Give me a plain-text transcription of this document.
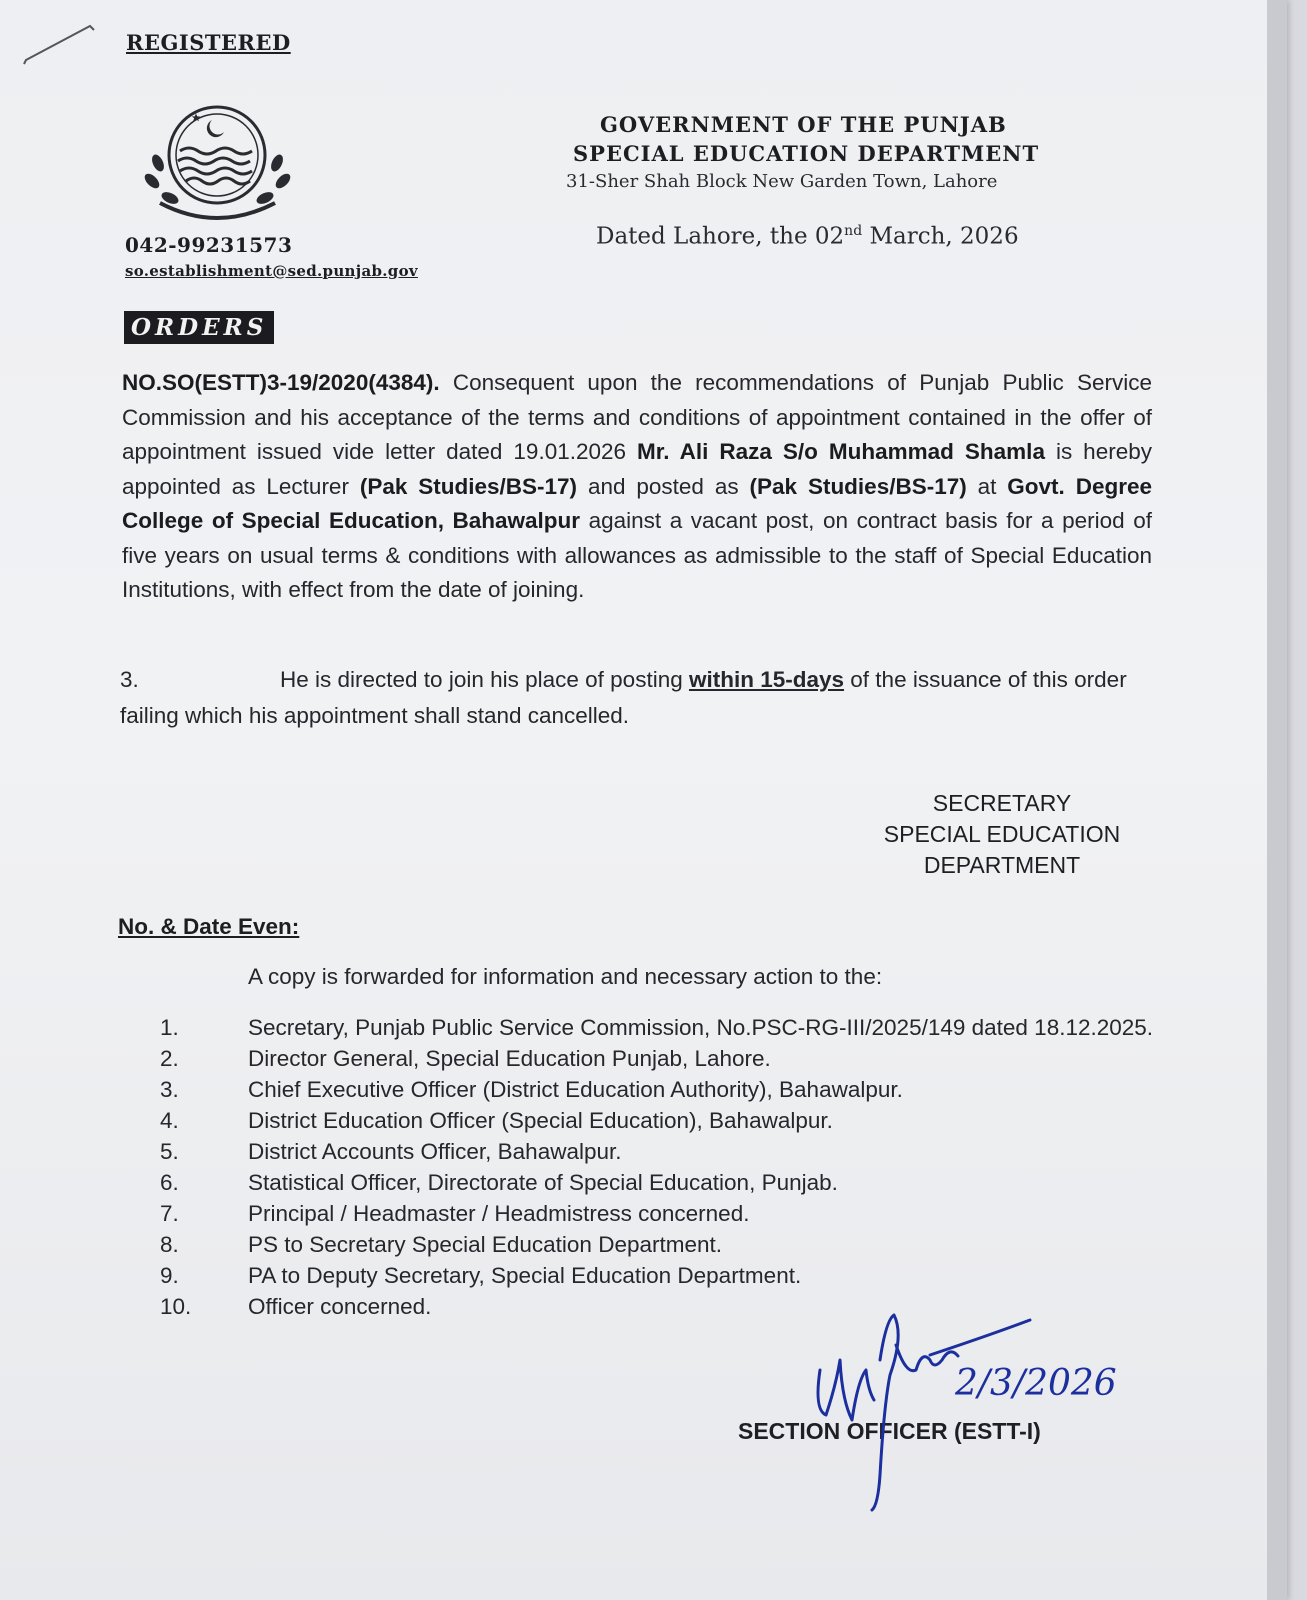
REGISTERED
042-99231573
so.establishment@sed.punjab.gov
GOVERNMENT OF THE PUNJAB
SPECIAL EDUCATION DEPARTMENT
31-Sher Shah Block New Garden Town, Lahore
Dated Lahore, the 02nd March, 2026
ORDERS
NO.SO(ESTT)3-19/2020(4384). Consequent upon the recommendations of Punjab Public Service Commission and his acceptance of the terms and conditions of appointment contained in the offer of appointment issued vide letter dated 19.01.2026 Mr. Ali Raza S/o Muhammad Shamla is hereby appointed as Lecturer (Pak Studies/BS-17) and posted as (Pak Studies/BS-17) at Govt. Degree College of Special Education, Bahawalpur against a vacant post, on contract basis for a period of five years on usual terms & conditions with allowances as admissible to the staff of Special Education Institutions, with effect from the date of joining.
3.	He is directed to join his place of posting within 15-days of the issuance of this order failing which his appointment shall stand cancelled.
SECRETARY
SPECIAL EDUCATION
DEPARTMENT
No. & Date Even:
A copy is forwarded for information and necessary action to the:
1.	Secretary, Punjab Public Service Commission, No.PSC-RG-III/2025/149 dated 18.12.2025.
2.	Director General, Special Education Punjab, Lahore.
3.	Chief Executive Officer (District Education Authority), Bahawalpur.
4.	District Education Officer (Special Education), Bahawalpur.
5.	District Accounts Officer, Bahawalpur.
6.	Statistical Officer, Directorate of Special Education, Punjab.
7.	Principal / Headmaster / Headmistress concerned.
8.	PS to Secretary Special Education Department.
9.	PA to Deputy Secretary, Special Education Department.
10.	Officer concerned.
SECTION OFFICER (ESTT-I)
2/3/2026
